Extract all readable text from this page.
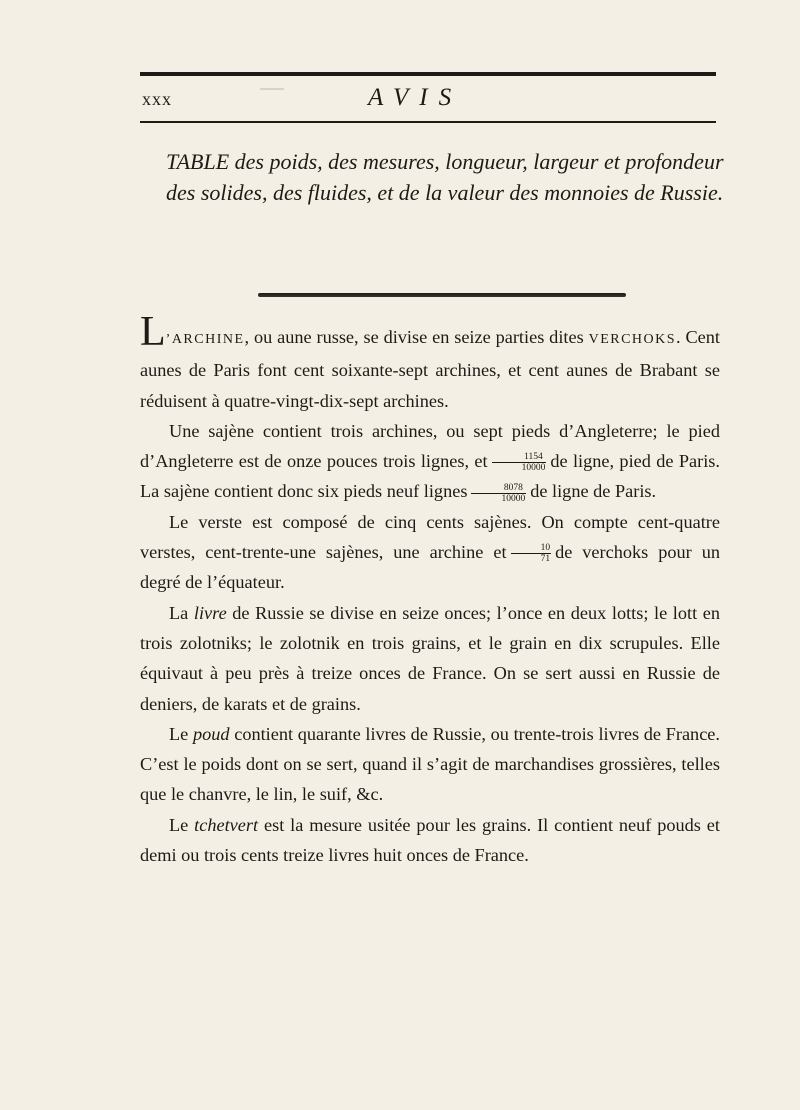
xxx	AVIS
TABLE des poids, des mesures, longueur, largeur et profondeur des solides, des fluides, et de la valeur des monnoies de Russie.

L’ARCHINE, ou aune russe, se divise en seize parties dites VERCHOKS. Cent aunes de Paris font cent soixante-sept archines, et cent aunes de Brabant se réduisent à quatre-vingt-dix-sept archines.

Une sajène contient trois archines, ou sept pieds d’Angleterre; le pied d’Angleterre est de onze pouces trois lignes, et $\frac{1154}{10000}$ de ligne, pied de Paris. La sajène contient donc six pieds neuf lignes $\frac{8078}{10000}$ de ligne de Paris.

Le verste est composé de cinq cents sajènes. On compte cent-quatre verstes, cent-trente-une sajènes, une archine et $\frac{10}{71}$ de verchoks pour un degré de l’équateur.

La livre de Russie se divise en seize onces; l’once en deux lotts; le lott en trois zolotniks; le zolotnik en trois grains, et le grain en dix scrupules. Elle équivaut à peu près à treize onces de France. On se sert aussi en Russie de deniers, de karats et de grains.

Le poud contient quarante livres de Russie, ou trente-trois livres de France. C’est le poids dont on se sert, quand il s’agit de marchandises grossières, telles que le chanvre, le lin, le suif, &c.

Le tchetvert est la mesure usitée pour les grains. Il contient neuf pouds et demi ou trois cents treize livres huit onces de France.
